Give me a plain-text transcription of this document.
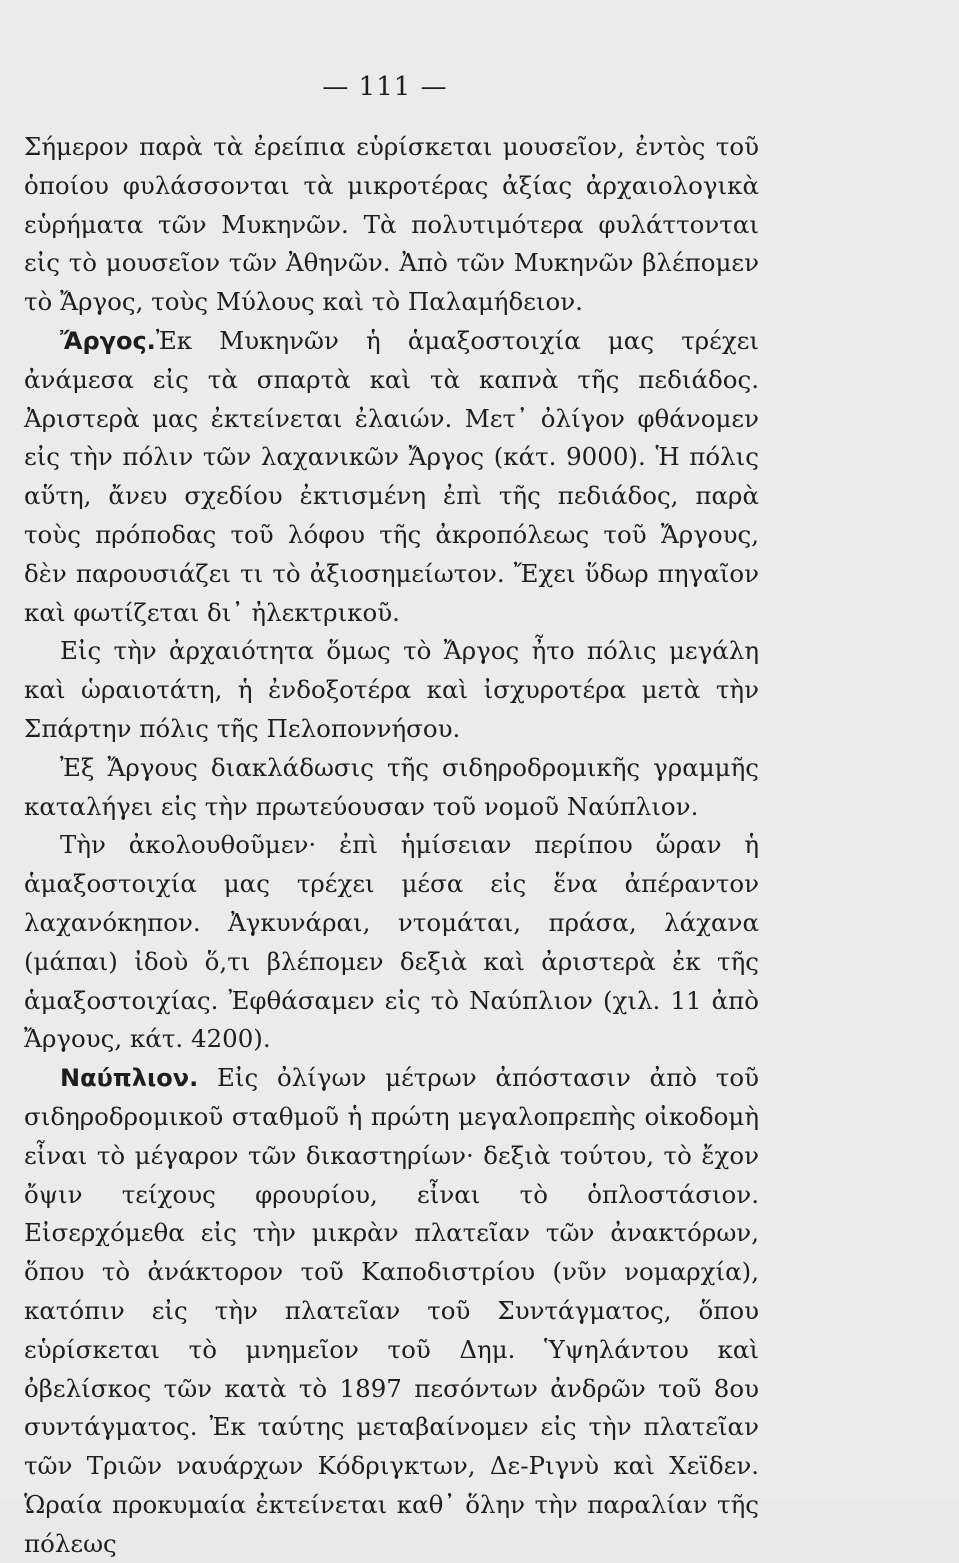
— 111 —

Σήμερον παρὰ τὰ ἐρείπια εὑρίσκεται μουσεῖον, ἐντὸς τοῦ ὁποίου φυλάσσονται τὰ μικροτέρας ἀξίας ἀρχαιολογικὰ εὑρήματα τῶν Μυκηνῶν. Τὰ πολυτιμότερα φυλάττονται εἰς τὸ μουσεῖον τῶν Ἀθηνῶν. Ἀπὸ τῶν Μυκηνῶν βλέπομεν τὸ Ἄργος, τοὺς Μύλους καὶ τὸ Παλαμήδειον.

Ἄργος.Ἐκ Μυκηνῶν ἡ ἁμαξοστοιχία μας τρέχει ἀνάμεσα εἰς τὰ σπαρτὰ καὶ τὰ καπνὰ τῆς πεδιάδος. Ἀριστερὰ μας ἐκτείνεται ἐλαιών. Μετ᾽ ὀλίγον φθάνομεν εἰς τὴν πόλιν τῶν λαχανικῶν Ἄργος (κάτ. 9000). Ἡ πόλις αὕτη, ἄνευ σχεδίου ἐκτισμένη ἐπὶ τῆς πεδιάδος, παρὰ τοὺς πρόποδας τοῦ λόφου τῆς ἀκροπόλεως τοῦ Ἄργους, δὲν παρουσιάζει τι τὸ ἀξιοσημείωτον. Ἔχει ὕδωρ πηγαῖον καὶ φωτίζεται δι᾽ ἠλεκτρικοῦ.

Εἰς τὴν ἀρχαιότητα ὅμως τὸ Ἄργος ἦτο πόλις μεγάλη καὶ ὡραιοτάτη, ἡ ἐνδοξοτέρα καὶ ἰσχυροτέρα μετὰ τὴν Σπάρτην πόλις τῆς Πελοποννήσου.

Ἐξ Ἄργους διακλάδωσις τῆς σιδηροδρομικῆς γραμμῆς καταλήγει εἰς τὴν πρωτεύουσαν τοῦ νομοῦ Ναύπλιον.

Τὴν ἀκολουθοῦμεν· ἐπὶ ἡμίσειαν περίπου ὥραν ἡ ἁμαξοστοιχία μας τρέχει μέσα εἰς ἕνα ἀπέραντον λαχανόκηπον. Ἀγκυνάραι, ντομάται, πράσα, λάχανα (μάπαι) ἰδοὺ ὅ,τι βλέπομεν δεξιὰ καὶ ἀριστερὰ ἐκ τῆς ἁμαξοστοιχίας. Ἐφθάσαμεν εἰς τὸ Ναύπλιον (χιλ. 11 ἀπὸ Ἄργους, κάτ. 4200).

Ναύπλιον. Εἰς ὀλίγων μέτρων ἀπόστασιν ἀπὸ τοῦ σιδηροδρομικοῦ σταθμοῦ ἡ πρώτη μεγαλοπρεπὴς οἰκοδομὴ εἶναι τὸ μέγαρον τῶν δικαστηρίων· δεξιὰ τούτου, τὸ ἔχον ὄψιν τείχους φρουρίου, εἶναι τὸ ὁπλοστάσιον. Εἰσερχόμεθα εἰς τὴν μικρὰν πλατεῖαν τῶν ἀνακτόρων, ὅπου τὸ ἀνάκτορον τοῦ Καποδιστρίου (νῦν νομαρχία), κατόπιν εἰς τὴν πλατεῖαν τοῦ Συντάγματος, ὅπου εὑρίσκεται τὸ μνημεῖον τοῦ Δημ. Ὑψηλάντου καὶ ὀβελίσκος τῶν κατὰ τὸ 1897 πεσόντων ἀνδρῶν τοῦ 8ου συντάγματος. Ἐκ ταύτης μεταβαίνομεν εἰς τὴν πλατεῖαν τῶν Τριῶν ναυάρχων Κόδριγκτων, Δε-Ριγνὺ καὶ Χεϊδεν. Ὡραία προκυμαία ἐκτείνεται καθ᾽ ὅλην τὴν παραλίαν τῆς πόλεως
